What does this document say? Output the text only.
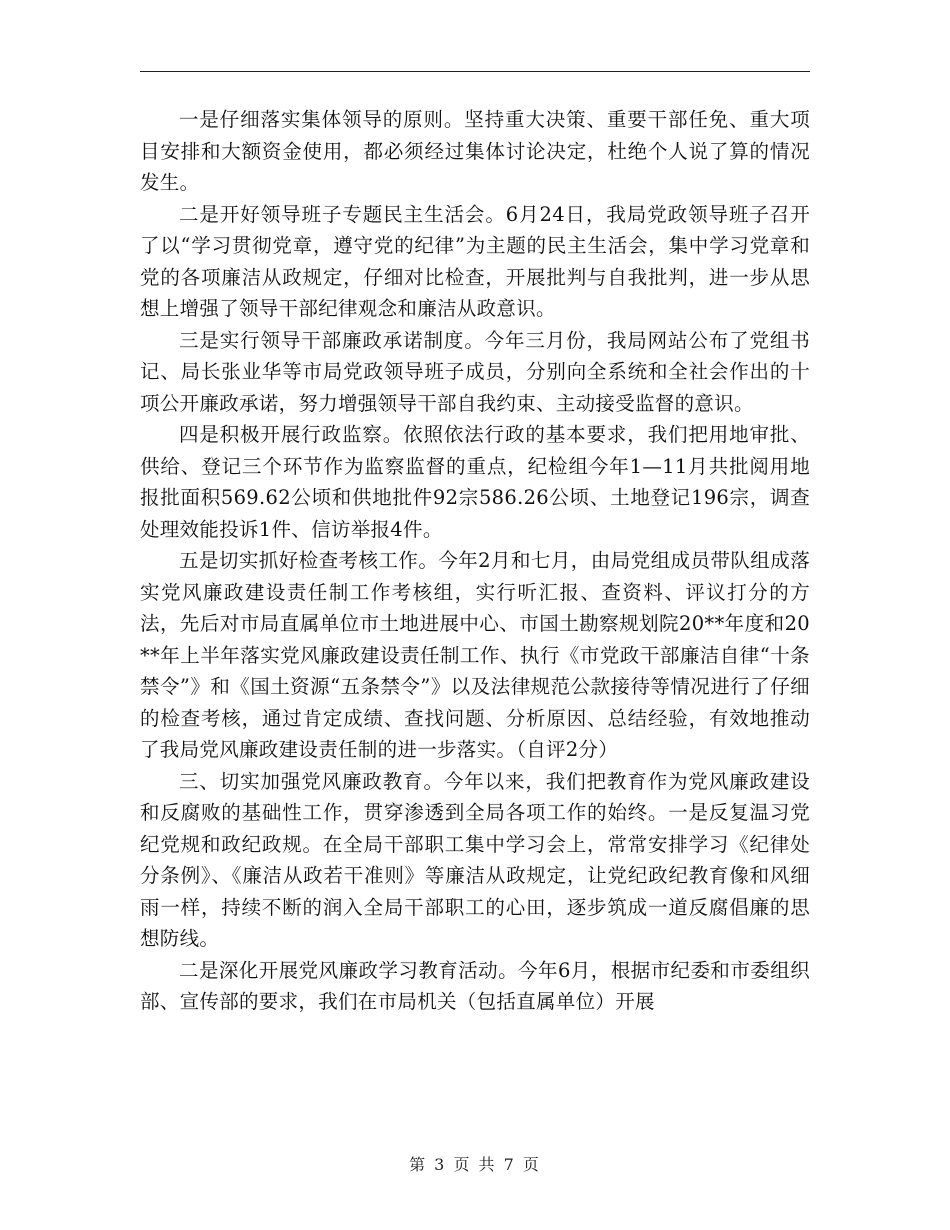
一是仔细落实集体领导的原则。坚持重大决策、重要干部任免、重大项目安排和大额资金使用，都必须经过集体讨论决定，杜绝个人说了算的情况发生。

二是开好领导班子专题民主生活会。6月24日，我局党政领导班子召开了以“学习贯彻党章，遵守党的纪律”为主题的民主生活会，集中学习党章和党的各项廉洁从政规定，仔细对比检查，开展批判与自我批判，进一步从思想上增强了领导干部纪律观念和廉洁从政意识。

三是实行领导干部廉政承诺制度。今年三月份，我局网站公布了党组书记、局长张业华等市局党政领导班子成员，分别向全系统和全社会作出的十项公开廉政承诺，努力增强领导干部自我约束、主动接受监督的意识。

四是积极开展行政监察。依照依法行政的基本要求，我们把用地审批、供给、登记三个环节作为监察监督的重点，纪检组今年1—11月共批阅用地报批面积569.62公顷和供地批件92宗586.26公顷、土地登记196宗，调查处理效能投诉1件、信访举报4件。

五是切实抓好检查考核工作。今年2月和七月，由局党组成员带队组成落实党风廉政建设责任制工作考核组，实行听汇报、查资料、评议打分的方法，先后对市局直属单位市土地进展中心、市国土勘察规划院20**年度和20**年上半年落实党风廉政建设责任制工作、执行《市党政干部廉洁自律“十条禁令”》和《国土资源“五条禁令”》以及法律规范公款接待等情况进行了仔细的检查考核，通过肯定成绩、查找问题、分析原因、总结经验，有效地推动了我局党风廉政建设责任制的进一步落实。（自评2分）

三、切实加强党风廉政教育。今年以来，我们把教育作为党风廉政建设和反腐败的基础性工作，贯穿渗透到全局各项工作的始终。一是反复温习党纪党规和政纪政规。在全局干部职工集中学习会上，常常安排学习《纪律处分条例》、《廉洁从政若干准则》等廉洁从政规定，让党纪政纪教育像和风细雨一样，持续不断的润入全局干部职工的心田，逐步筑成一道反腐倡廉的思想防线。

二是深化开展党风廉政学习教育活动。今年6月，根据市纪委和市委组织部、宣传部的要求，我们在市局机关（包括直属单位）开展

第 3 页 共 7 页
